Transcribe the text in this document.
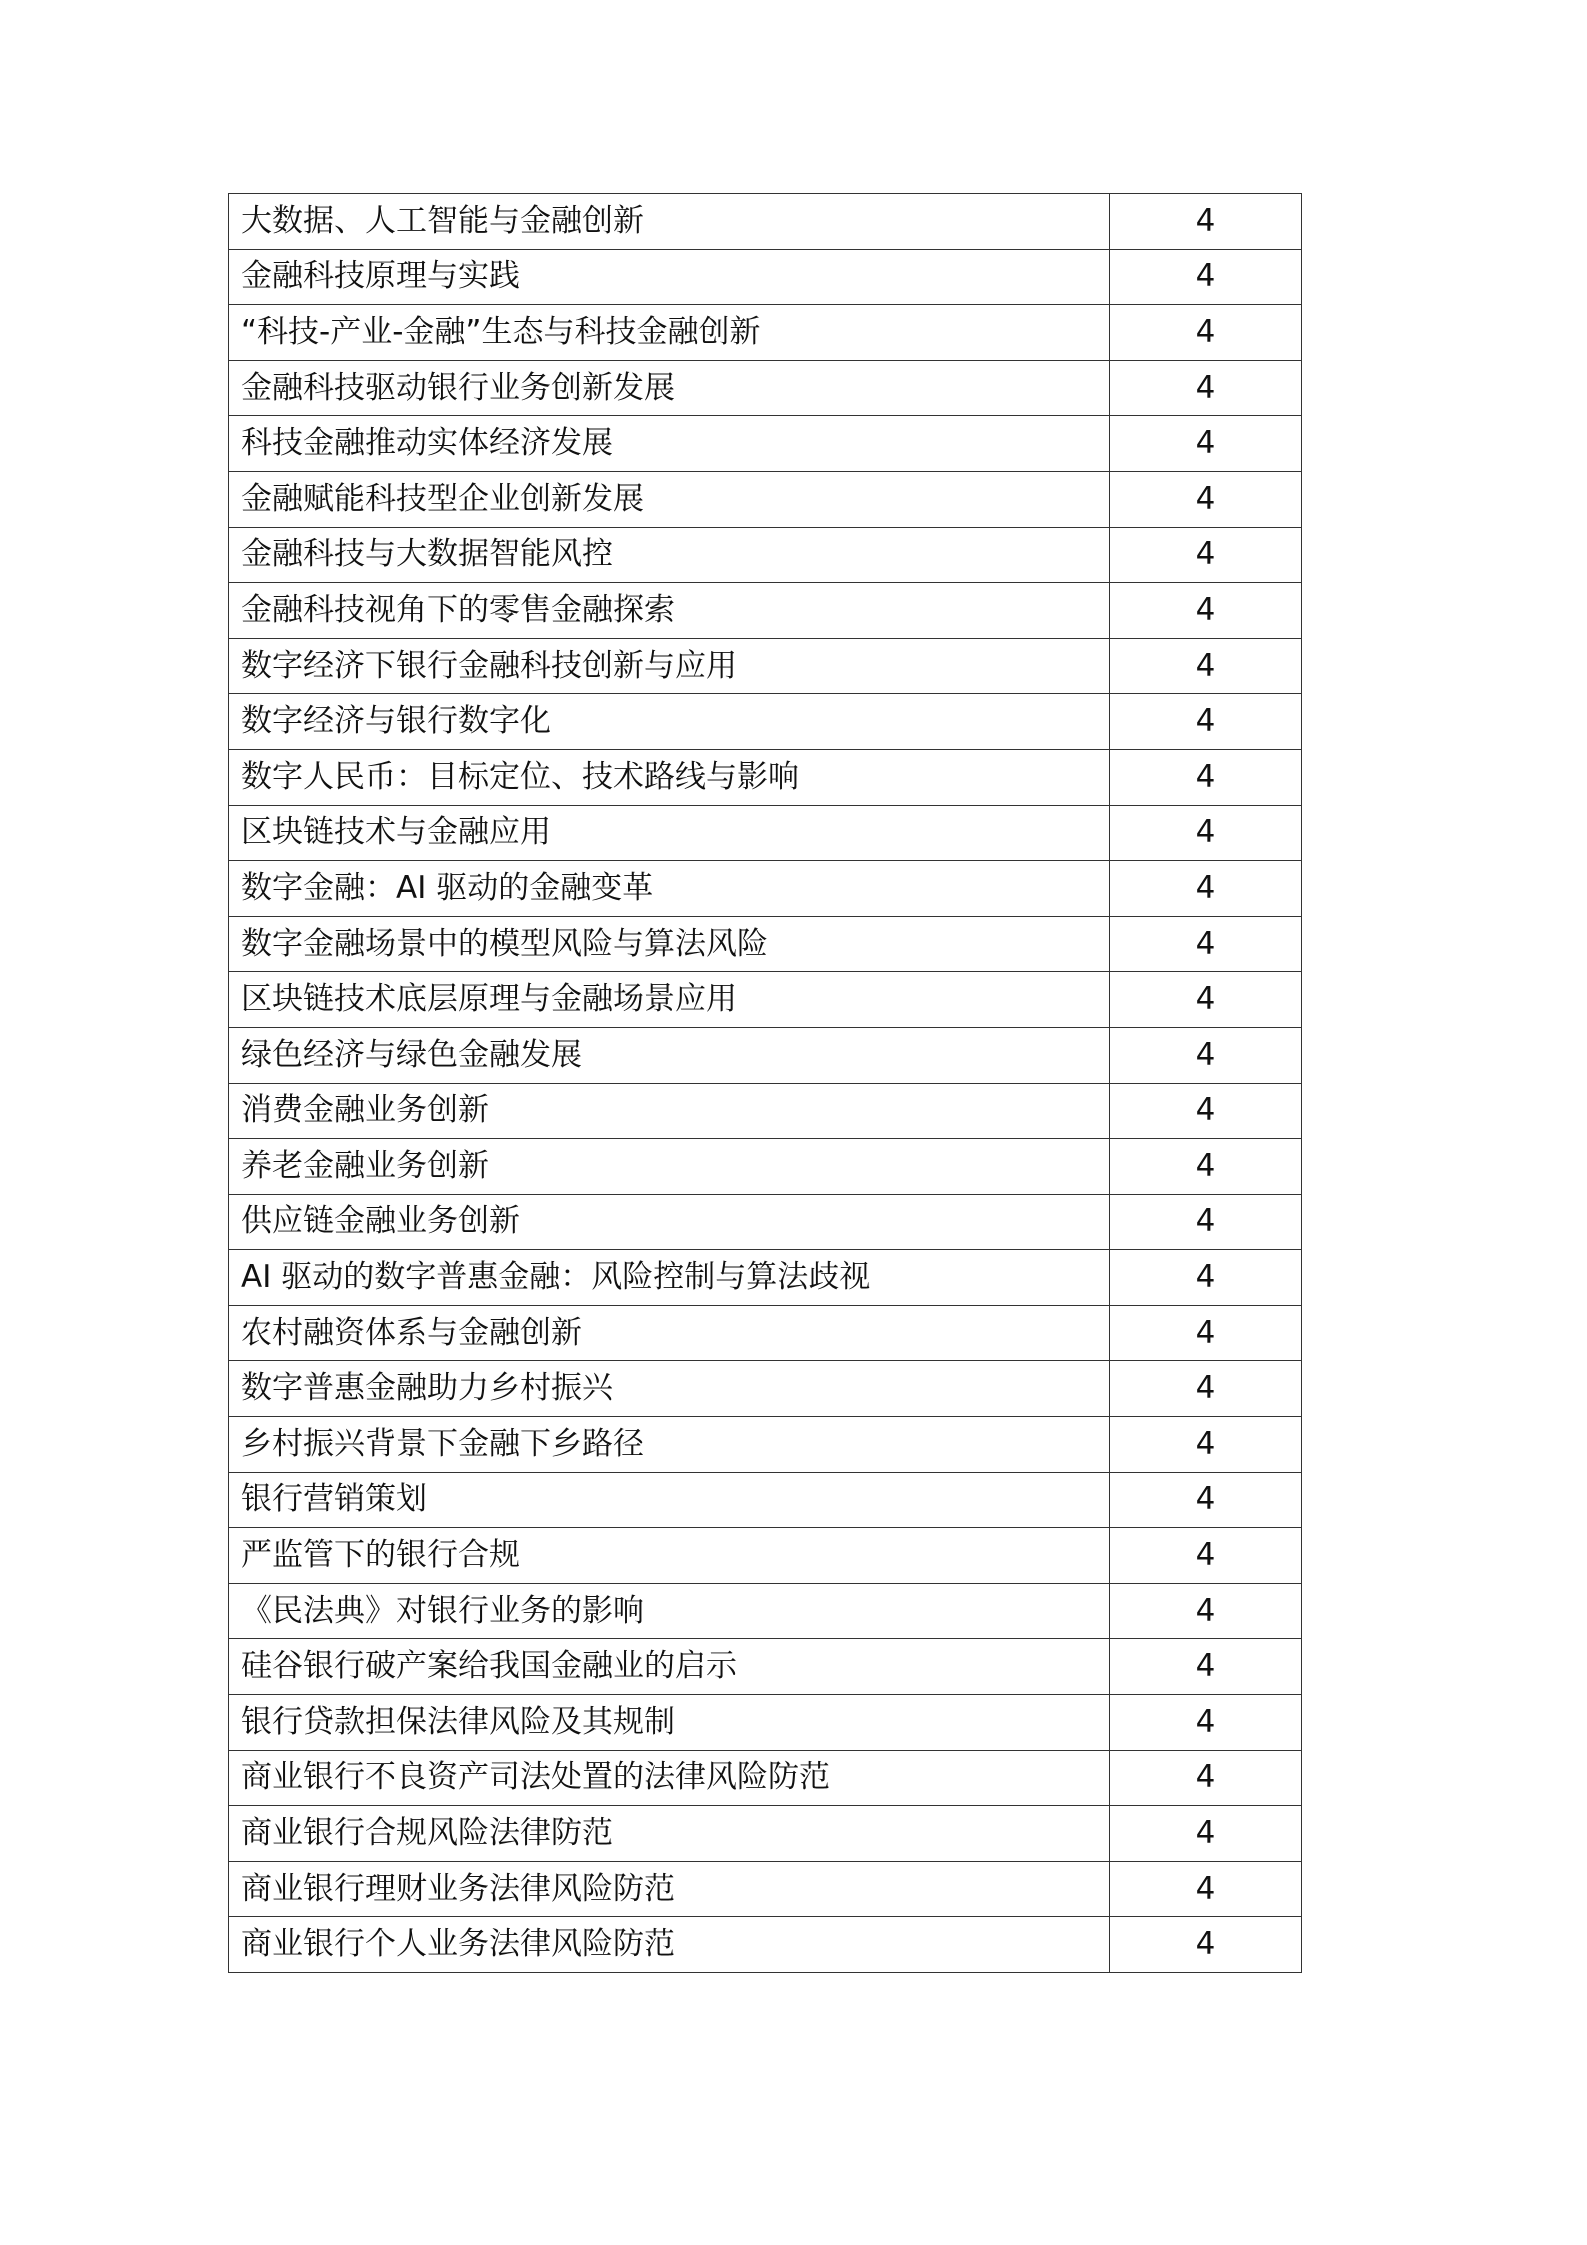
大数据、人工智能与金融创新	4
金融科技原理与实践	4
“科技-产业-金融”生态与科技金融创新	4
金融科技驱动银行业务创新发展	4
科技金融推动实体经济发展	4
金融赋能科技型企业创新发展	4
金融科技与大数据智能风控	4
金融科技视角下的零售金融探索	4
数字经济下银行金融科技创新与应用	4
数字经济与银行数字化	4
数字人民币：目标定位、技术路线与影响	4
区块链技术与金融应用	4
数字金融：AI 驱动的金融变革	4
数字金融场景中的模型风险与算法风险	4
区块链技术底层原理与金融场景应用	4
绿色经济与绿色金融发展	4
消费金融业务创新	4
养老金融业务创新	4
供应链金融业务创新	4
AI 驱动的数字普惠金融：风险控制与算法歧视	4
农村融资体系与金融创新	4
数字普惠金融助力乡村振兴	4
乡村振兴背景下金融下乡路径	4
银行营销策划	4
严监管下的银行合规	4
《民法典》对银行业务的影响	4
硅谷银行破产案给我国金融业的启示	4
银行贷款担保法律风险及其规制	4
商业银行不良资产司法处置的法律风险防范	4
商业银行合规风险法律防范	4
商业银行理财业务法律风险防范	4
商业银行个人业务法律风险防范	4
